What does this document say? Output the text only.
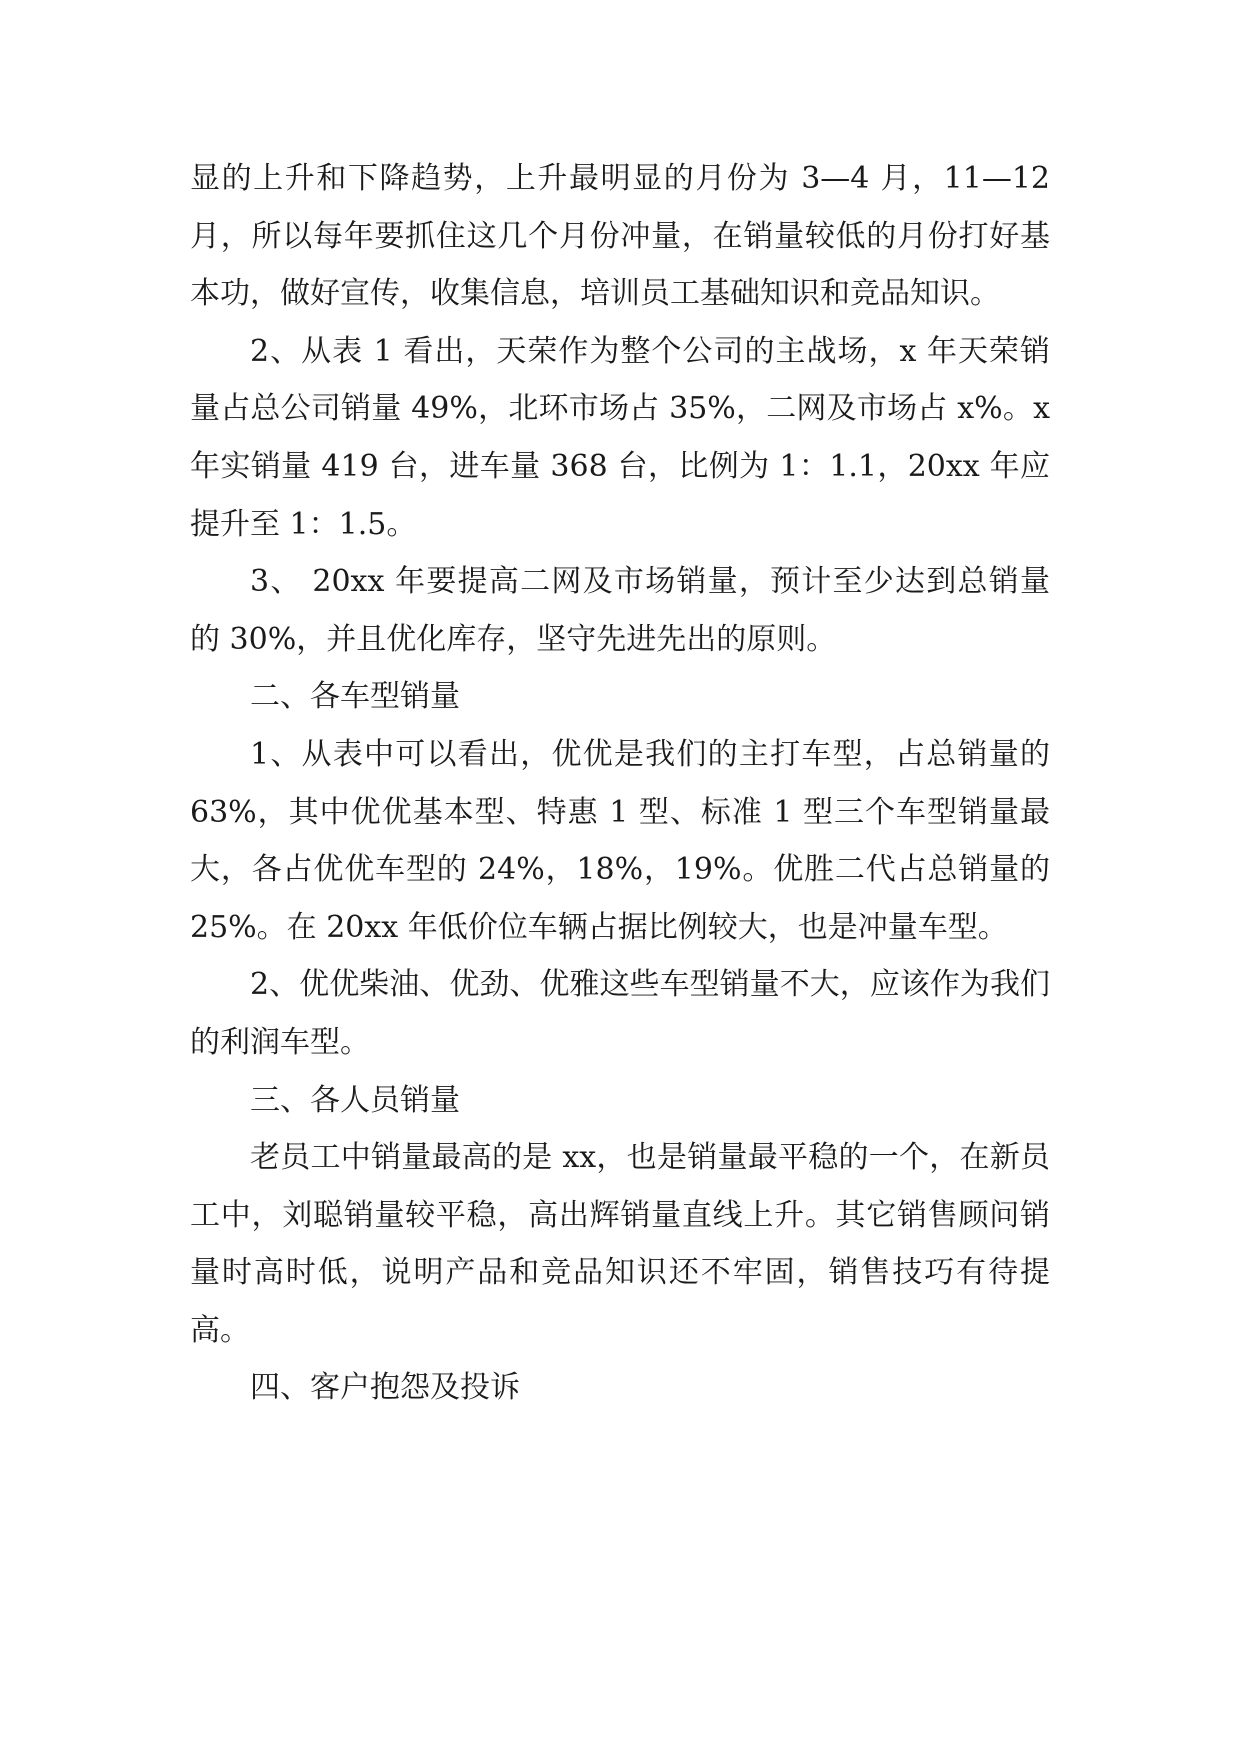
显的上升和下降趋势，上升最明显的月份为 3—4 月，11—12 月，所以每年要抓住这几个月份冲量，在销量较低的月份打好基本功，做好宣传，收集信息，培训员工基础知识和竞品知识。

2、从表 1 看出，天荣作为整个公司的主战场，x 年天荣销量占总公司销量 49%，北环市场占 35%，二网及市场占 x%。x 年实销量 419 台，进车量 368 台，比例为 1：1.1，20xx 年应提升至 1：1.5。

3、 20xx 年要提高二网及市场销量，预计至少达到总销量的 30%，并且优化库存，坚守先进先出的原则。

二、各车型销量

1、从表中可以看出，优优是我们的主打车型，占总销量的 63%，其中优优基本型、特惠 1 型、标准 1 型三个车型销量最大，各占优优车型的 24%，18%，19%。优胜二代占总销量的 25%。在 20xx 年低价位车辆占据比例较大，也是冲量车型。

2、优优柴油、优劲、优雅这些车型销量不大，应该作为我们的利润车型。

三、各人员销量

老员工中销量最高的是 xx，也是销量最平稳的一个，在新员工中，刘聪销量较平稳，高出辉销量直线上升。其它销售顾问销量时高时低，说明产品和竞品知识还不牢固，销售技巧有待提高。

四、客户抱怨及投诉
